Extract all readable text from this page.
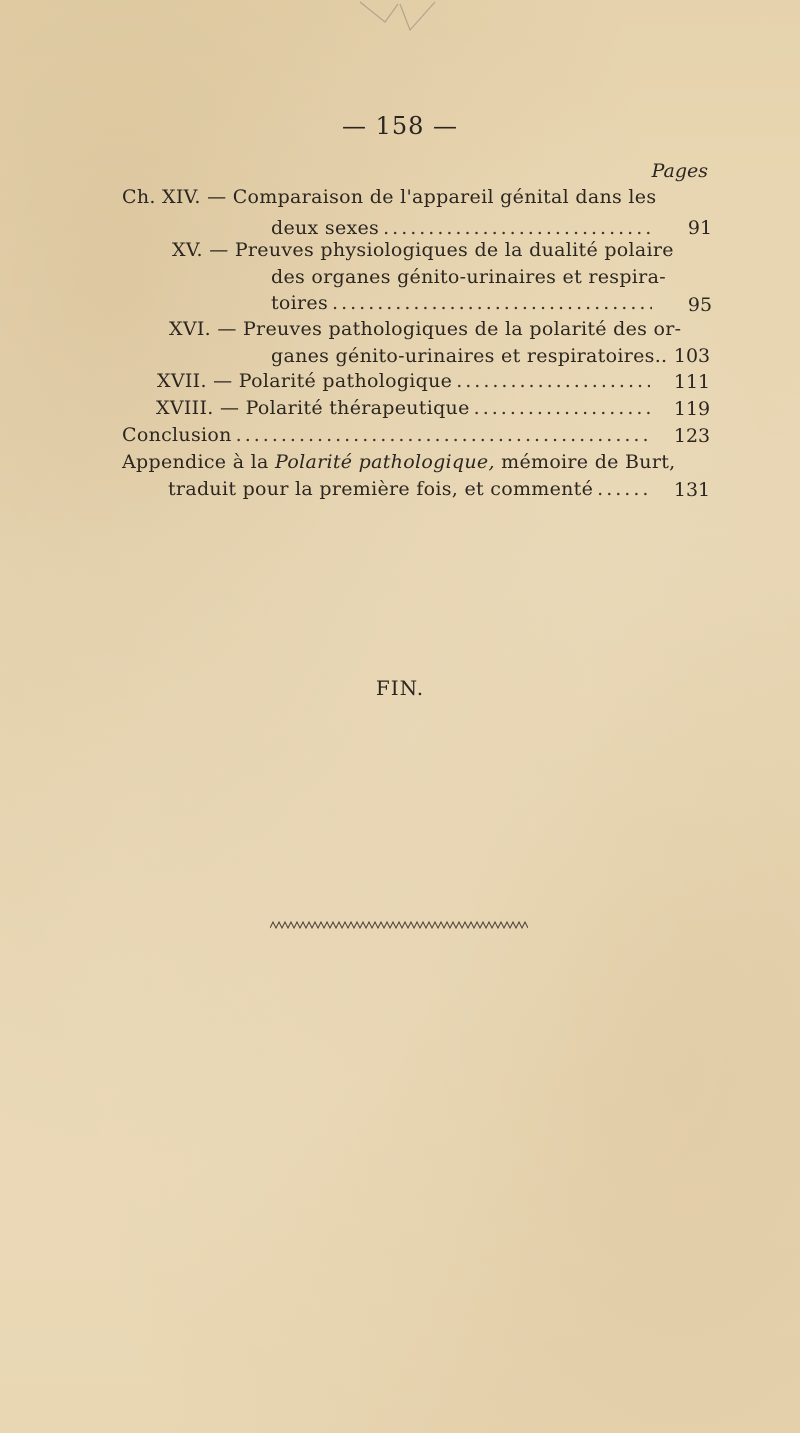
— 158 —
Pages
Ch. XIV. — Comparaison de l'appareil génital dans les
deux sexes .....	91
XV. — Preuves physiologiques de la dualité polaire
des organes génito-urinaires et respira-
toires .....	95
XVI. — Preuves pathologiques de la polarité des or-
ganes génito-urinaires et respiratoires.. 103
XVII. — Polarité pathologique .....	111
XVIII. — Polarité thérapeutique .....	119
Conclusion .....	123
Appendice à la Polarité pathologique, mémoire de Burt,
traduit pour la première fois, et commenté .....	131
FIN.
